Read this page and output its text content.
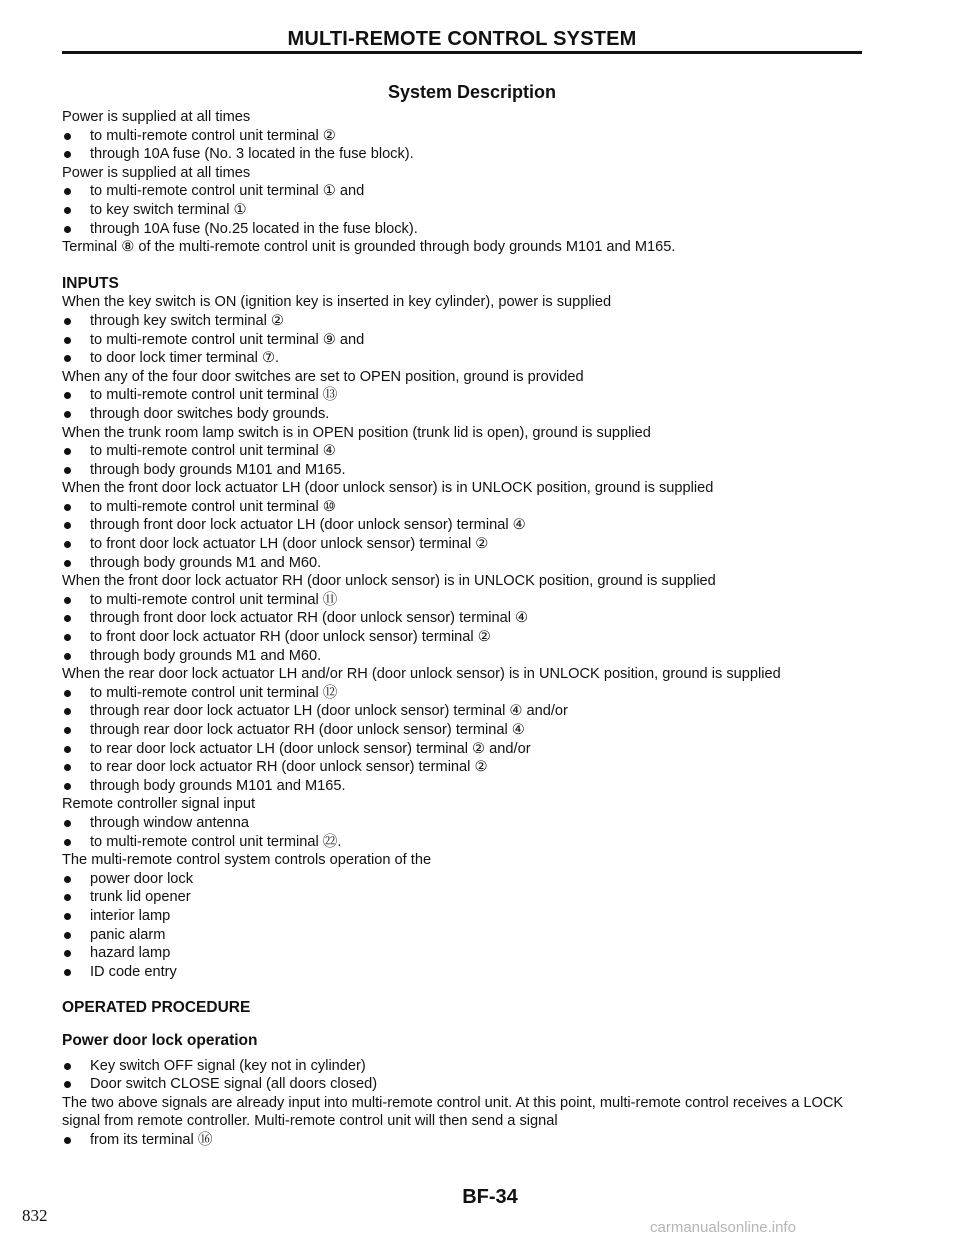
MULTI-REMOTE CONTROL SYSTEM
System Description
Power is supplied at all times
to multi-remote control unit terminal ②
through 10A fuse (No. 3 located in the fuse block).
Power is supplied at all times
to multi-remote control unit terminal ① and
to key switch terminal ①
through 10A fuse (No.25 located in the fuse block).
Terminal ⑧ of the multi-remote control unit is grounded through body grounds M101 and M165.
INPUTS
When the key switch is ON (ignition key is inserted in key cylinder), power is supplied
through key switch terminal ②
to multi-remote control unit terminal ⑨ and
to door lock timer terminal ⑦.
When any of the four door switches are set to OPEN position, ground is provided
to multi-remote control unit terminal ⑬
through door switches body grounds.
When the trunk room lamp switch is in OPEN position (trunk lid is open), ground is supplied
to multi-remote control unit terminal ④
through body grounds M101 and M165.
When the front door lock actuator LH (door unlock sensor) is in UNLOCK position, ground is supplied
to multi-remote control unit terminal ⑩
through front door lock actuator LH (door unlock sensor) terminal ④
to front door lock actuator LH (door unlock sensor) terminal ②
through body grounds M1 and M60.
When the front door lock actuator RH (door unlock sensor) is in UNLOCK position, ground is supplied
to multi-remote control unit terminal ⑪
through front door lock actuator RH (door unlock sensor) terminal ④
to front door lock actuator RH (door unlock sensor) terminal ②
through body grounds M1 and M60.
When the rear door lock actuator LH and/or RH (door unlock sensor) is in UNLOCK position, ground is supplied
to multi-remote control unit terminal ⑫
through rear door lock actuator LH (door unlock sensor) terminal ④ and/or
through rear door lock actuator RH (door unlock sensor) terminal ④
to rear door lock actuator LH (door unlock sensor) terminal ② and/or
to rear door lock actuator RH (door unlock sensor) terminal ②
through body grounds M101 and M165.
Remote controller signal input
through window antenna
to multi-remote control unit terminal ㉒.
The multi-remote control system controls operation of the
power door lock
trunk lid opener
interior lamp
panic alarm
hazard lamp
ID code entry
OPERATED PROCEDURE
Power door lock operation
Key switch OFF signal (key not in cylinder)
Door switch CLOSE signal (all doors closed)
The two above signals are already input into multi-remote control unit. At this point, multi-remote control receives a LOCK signal from remote controller. Multi-remote control unit will then send a signal
from its terminal ⑯
832
BF-34
carmanualsonline.info
